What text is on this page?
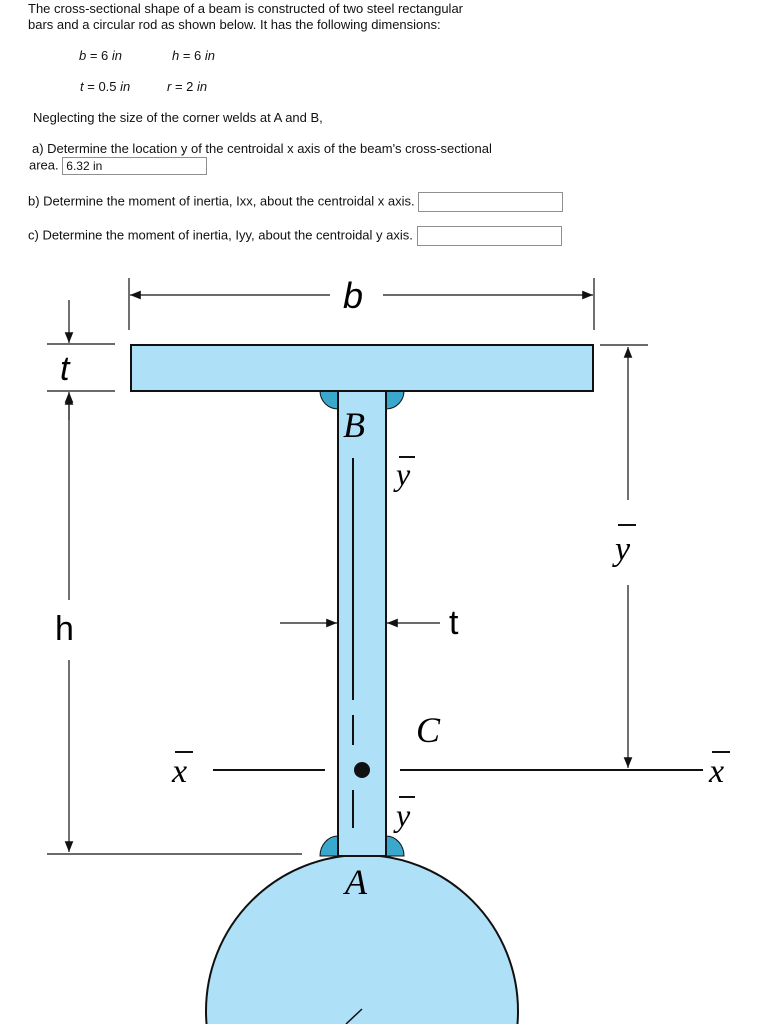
The cross-sectional shape of a beam is constructed of two steel rectangular
bars and a circular rod as shown below. It has the following dimensions:
b = 6 in	h = 6 in
t = 0.5 in	r = 2 in
Neglecting the size of the corner welds at A and B,
a) Determine the location y of the centroidal x axis of the beam's cross-sectional
area. 6.32 in
b) Determine the moment of inertia, Ixx, about the centroidal x axis.
c) Determine the moment of inertia, Iyy, about the centroidal y axis.
b
t
h	t
y
B
y
C
y
A
x	x
